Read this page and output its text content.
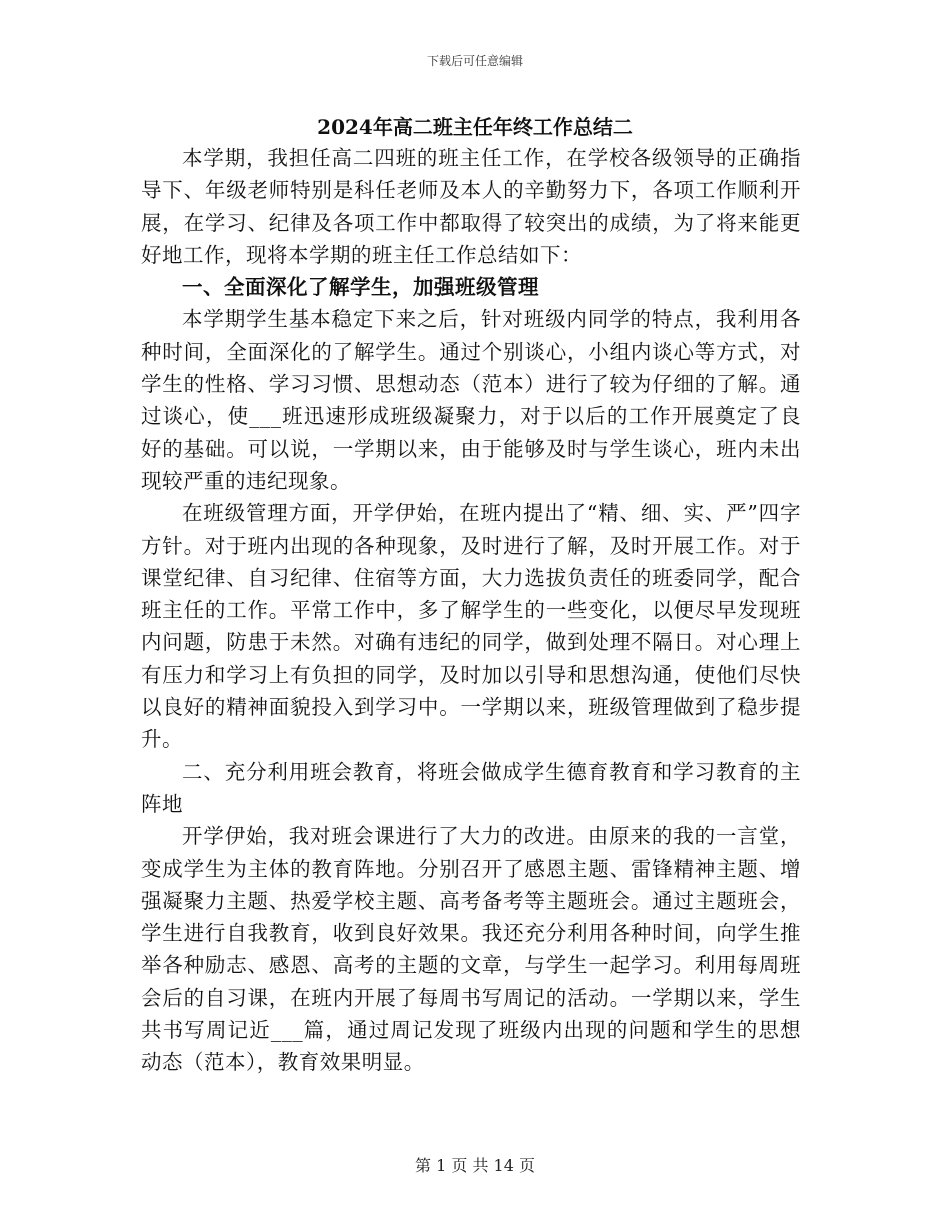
下载后可任意编辑
2024年高二班主任年终工作总结二

本学期，我担任高二四班的班主任工作，在学校各级领导的正确指导下、年级老师特别是科任老师及本人的辛勤努力下，各项工作顺利开展，在学习、纪律及各项工作中都取得了较突出的成绩，为了将来能更好地工作，现将本学期的班主任工作总结如下：

一、全面深化了解学生，加强班级管理

本学期学生基本稳定下来之后，针对班级内同学的特点，我利用各种时间，全面深化的了解学生。通过个别谈心，小组内谈心等方式，对学生的性格、学习习惯、思想动态（范本）进行了较为仔细的了解。通过谈心，使___班迅速形成班级凝聚力，对于以后的工作开展奠定了良好的基础。可以说，一学期以来，由于能够及时与学生谈心，班内未出现较严重的违纪现象。

在班级管理方面，开学伊始，在班内提出了“精、细、实、严”四字方针。对于班内出现的各种现象，及时进行了解，及时开展工作。对于课堂纪律、自习纪律、住宿等方面，大力选拔负责任的班委同学，配合班主任的工作。平常工作中，多了解学生的一些变化，以便尽早发现班内问题，防患于未然。对确有违纪的同学，做到处理不隔日。对心理上有压力和学习上有负担的同学，及时加以引导和思想沟通，使他们尽快以良好的精神面貌投入到学习中。一学期以来，班级管理做到了稳步提升。

二、充分利用班会教育，将班会做成学生德育教育和学习教育的主阵地

开学伊始，我对班会课进行了大力的改进。由原来的我的一言堂，变成学生为主体的教育阵地。分别召开了感恩主题、雷锋精神主题、增强凝聚力主题、热爱学校主题、高考备考等主题班会。通过主题班会，学生进行自我教育，收到良好效果。我还充分利用各种时间，向学生推举各种励志、感恩、高考的主题的文章，与学生一起学习。利用每周班会后的自习课，在班内开展了每周书写周记的活动。一学期以来，学生共书写周记近___篇，通过周记发现了班级内出现的问题和学生的思想动态（范本），教育效果明显。

第 1 页 共 14 页
